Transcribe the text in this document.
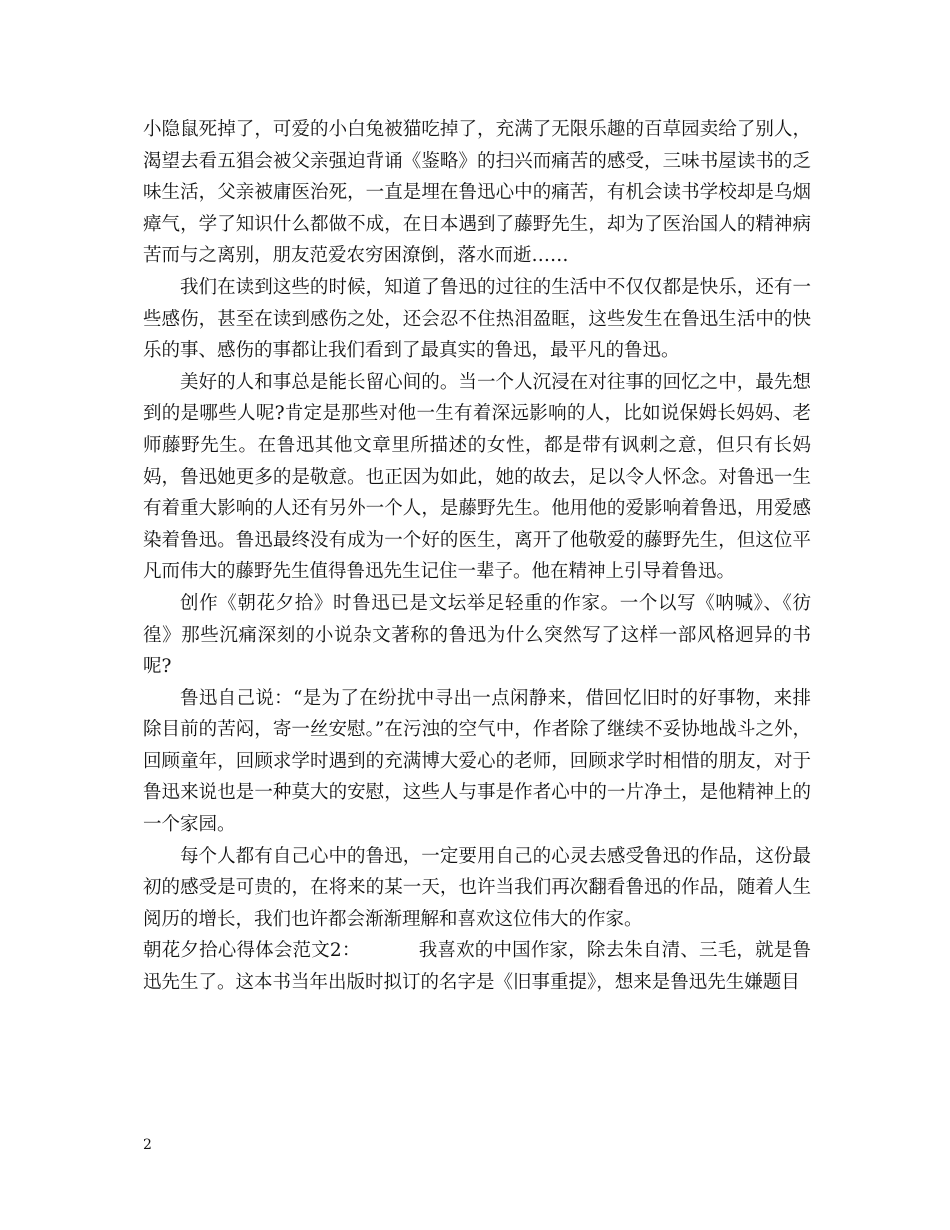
小隐鼠死掉了，可爱的小白兔被猫吃掉了，充满了无限乐趣的百草园卖给了别人，渴望去看五猖会被父亲强迫背诵《鉴略》的扫兴而痛苦的感受，三味书屋读书的乏味生活，父亲被庸医治死，一直是埋在鲁迅心中的痛苦，有机会读书学校却是乌烟瘴气，学了知识什么都做不成，在日本遇到了藤野先生，却为了医治国人的精神病苦而与之离别，朋友范爱农穷困潦倒，落水而逝……

我们在读到这些的时候，知道了鲁迅的过往的生活中不仅仅都是快乐，还有一些感伤，甚至在读到感伤之处，还会忍不住热泪盈眶，这些发生在鲁迅生活中的快乐的事、感伤的事都让我们看到了最真实的鲁迅，最平凡的鲁迅。

美好的人和事总是能长留心间的。当一个人沉浸在对往事的回忆之中，最先想到的是哪些人呢?肯定是那些对他一生有着深远影响的人，比如说保姆长妈妈、老师藤野先生。在鲁迅其他文章里所描述的女性，都是带有讽刺之意，但只有长妈妈，鲁迅她更多的是敬意。也正因为如此，她的故去，足以令人怀念。对鲁迅一生有着重大影响的人还有另外一个人，是藤野先生。他用他的爱影响着鲁迅，用爱感染着鲁迅。鲁迅最终没有成为一个好的医生，离开了他敬爱的藤野先生，但这位平凡而伟大的藤野先生值得鲁迅先生记住一辈子。他在精神上引导着鲁迅。

创作《朝花夕拾》时鲁迅已是文坛举足轻重的作家。一个以写《呐喊》、《彷徨》那些沉痛深刻的小说杂文著称的鲁迅为什么突然写了这样一部风格迥异的书呢?

鲁迅自己说：“是为了在纷扰中寻出一点闲静来，借回忆旧时的好事物，来排除目前的苦闷，寄一丝安慰。”在污浊的空气中，作者除了继续不妥协地战斗之外，回顾童年，回顾求学时遇到的充满博大爱心的老师，回顾求学时相惜的朋友，对于鲁迅来说也是一种莫大的安慰，这些人与事是作者心中的一片净土，是他精神上的一个家园。

每个人都有自己心中的鲁迅，一定要用自己的心灵去感受鲁迅的作品，这份最初的感受是可贵的，在将来的某一天，也许当我们再次翻看鲁迅的作品，随着人生阅历的增长，我们也许都会渐渐理解和喜欢这位伟大的作家。

朝花夕拾心得体会范文2：	我喜欢的中国作家，除去朱自清、三毛，就是鲁迅先生了。这本书当年出版时拟订的名字是《旧事重提》，想来是鲁迅先生嫌题目

2
